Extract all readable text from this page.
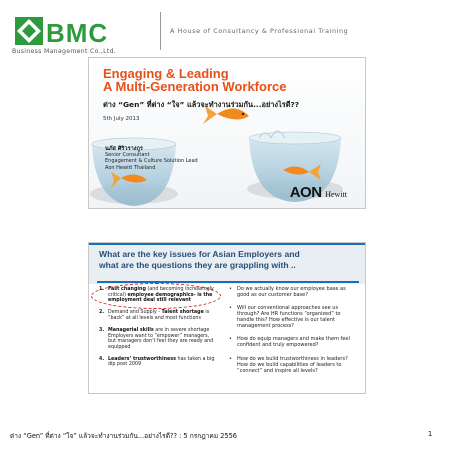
BMC
Business Management Co.,Ltd.
A House of Consultancy & Professional Training
Engaging & Leading
A Multi-Generation Workforce
ต่าง “Gen” ที่ต่าง “ใจ” แล้วจะทำงานร่วมกัน...อย่างไรดี??
5th July 2013
นภัส ศิริวรางกูร
Senior Consultant
Engagement & Culture Solution Lead
Aon Hewitt Thailand
AON Hewitt
What are the key issues for Asian Employers and
what are the questions they are grappling with ..
1. Fast changing (and becoming increasingly critical) employee demographics- is the employment deal still relevant
2. Demand and Supply - Talent shortage is “back” at all levels and most functions
3. Managerial skills are in severe shortage Employers want to “empower” managers, but managers don’t feel they are ready and equipped
4. Leaders’ trustworthiness has taken a big dip post 2009
• Do we actually know our employee base as good as our customer base?
• Will our conventional approaches see us through? Are HR functions “organized” to handle this? How effective is our talent management process?
• How do equip managers and make them feel confident and truly empowered?
• How do we build trustworthiness in leaders? How do we build capabilities of leaders to “connect” and inspire all levels?
ต่าง “Gen” ที่ต่าง “ใจ” แล้วจะทำงานร่วมกัน...อย่างไรดี?? : 5 กรกฎาคม 2556	1
